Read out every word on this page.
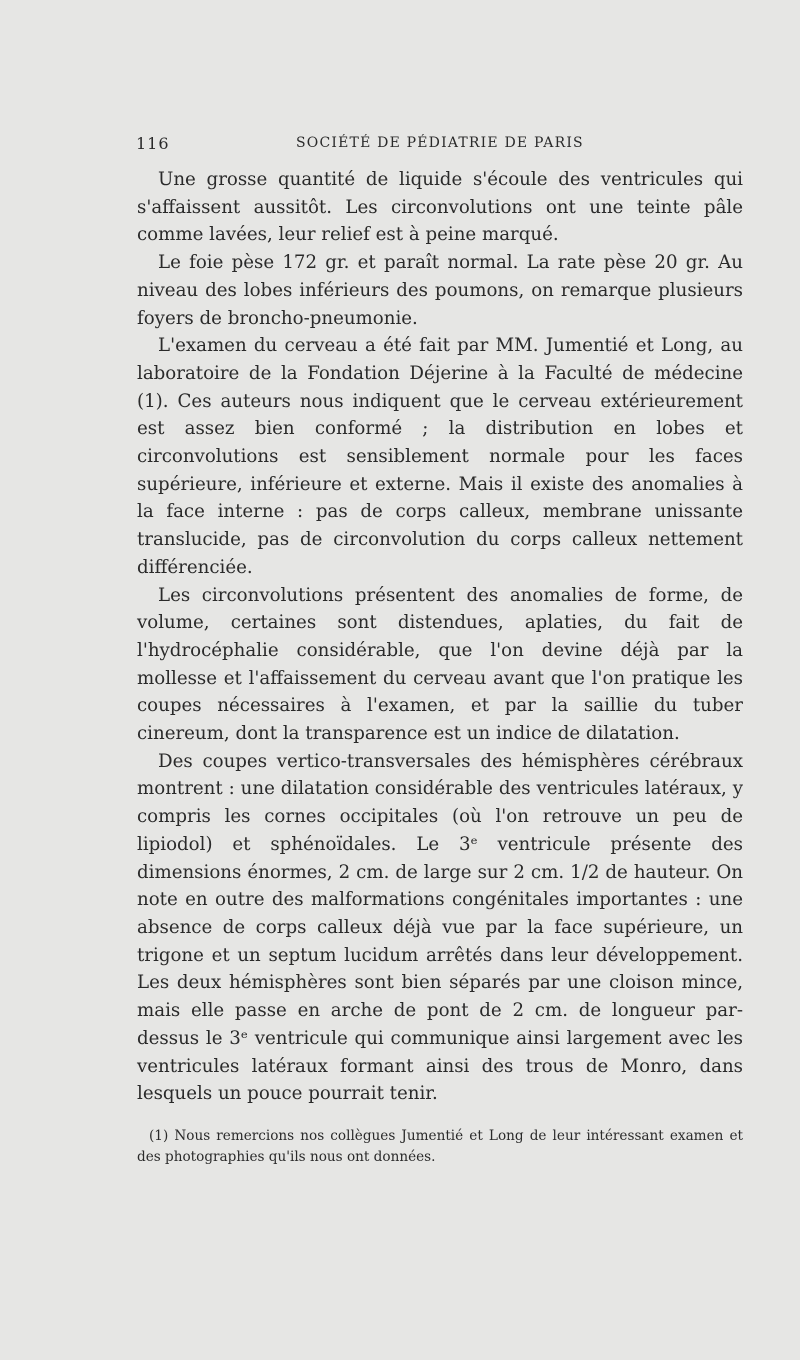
116	SOCIÉTÉ DE PÉDIATRIE DE PARIS

Une grosse quantité de liquide s'écoule des ventricules qui s'affaissent aussitôt. Les circonvolutions ont une teinte pâle comme lavées, leur relief est à peine marqué.

Le foie pèse 172 gr. et paraît normal. La rate pèse 20 gr. Au niveau des lobes inférieurs des poumons, on remarque plusieurs foyers de broncho-pneumonie.

L'examen du cerveau a été fait par MM. Jumentié et Long, au laboratoire de la Fondation Déjerine à la Faculté de médecine (1). Ces auteurs nous indiquent que le cerveau extérieurement est assez bien conformé ; la distribution en lobes et circonvolutions est sensiblement normale pour les faces supérieure, inférieure et externe. Mais il existe des anomalies à la face interne : pas de corps calleux, membrane unissante translucide, pas de circonvolution du corps calleux nettement différenciée.

Les circonvolutions présentent des anomalies de forme, de volume, certaines sont distendues, aplaties, du fait de l'hydrocéphalie considérable, que l'on devine déjà par la mollesse et l'affaissement du cerveau avant que l'on pratique les coupes nécessaires à l'examen, et par la saillie du tuber cinereum, dont la transparence est un indice de dilatation.

Des coupes vertico-transversales des hémisphères cérébraux montrent : une dilatation considérable des ventricules latéraux, y compris les cornes occipitales (où l'on retrouve un peu de lipiodol) et sphénoïdales. Le 3ᵉ ventricule présente des dimensions énormes, 2 cm. de large sur 2 cm. 1/2 de hauteur. On note en outre des malformations congénitales importantes : une absence de corps calleux déjà vue par la face supérieure, un trigone et un septum lucidum arrêtés dans leur développement. Les deux hémisphères sont bien séparés par une cloison mince, mais elle passe en arche de pont de 2 cm. de longueur par-dessus le 3ᵉ ventricule qui communique ainsi largement avec les ventricules latéraux formant ainsi des trous de Monro, dans lesquels un pouce pourrait tenir.

(1) Nous remercions nos collègues Jumentié et Long de leur intéressant examen et des photographies qu'ils nous ont données.
